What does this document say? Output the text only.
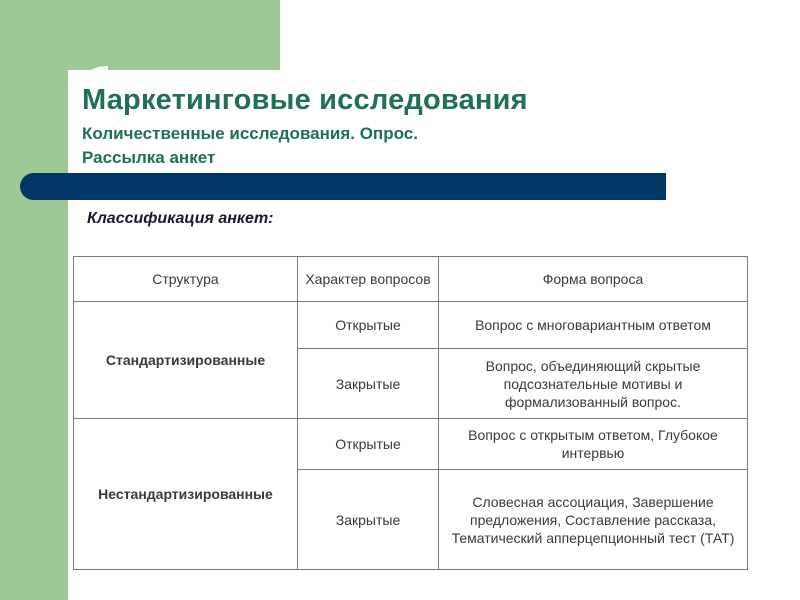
Маркетинговые исследования
Количественные исследования. Опрос.
Рассылка анкет
Классификация анкет:
Структура	Характер вопросов	Форма вопроса
Стандартизированные	Открытые	Вопрос с многовариантным ответом
	Закрытые	Вопрос, объединяющий скрытые подсознательные мотивы и формализованный вопрос.
Нестандартизированные	Открытые	Вопрос с открытым ответом, Глубокое интервью
	Закрытые	Словесная ассоциация, Завершение предложения, Составление рассказа, Тематический апперцепционный тест (ТАТ)
